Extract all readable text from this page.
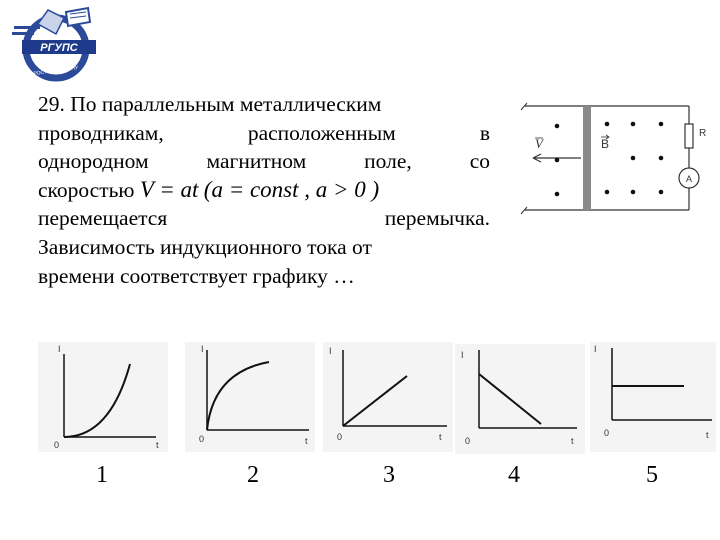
РГУПС
РОСТОВ-НА-ДОНУ
29. По параллельным металлическим
проводникам,	расположенным	в
однородном	магнитном	поле,	со
скоростью V = at (a = const , a > 0 )
перемещается	перемычка.
Зависимость индукционного тока от
времени соответствует графику …
V	B
R
A
I
t
0
1
I
t
0
2
I
t
0
3
I
t
0
4
I
t
0
5
